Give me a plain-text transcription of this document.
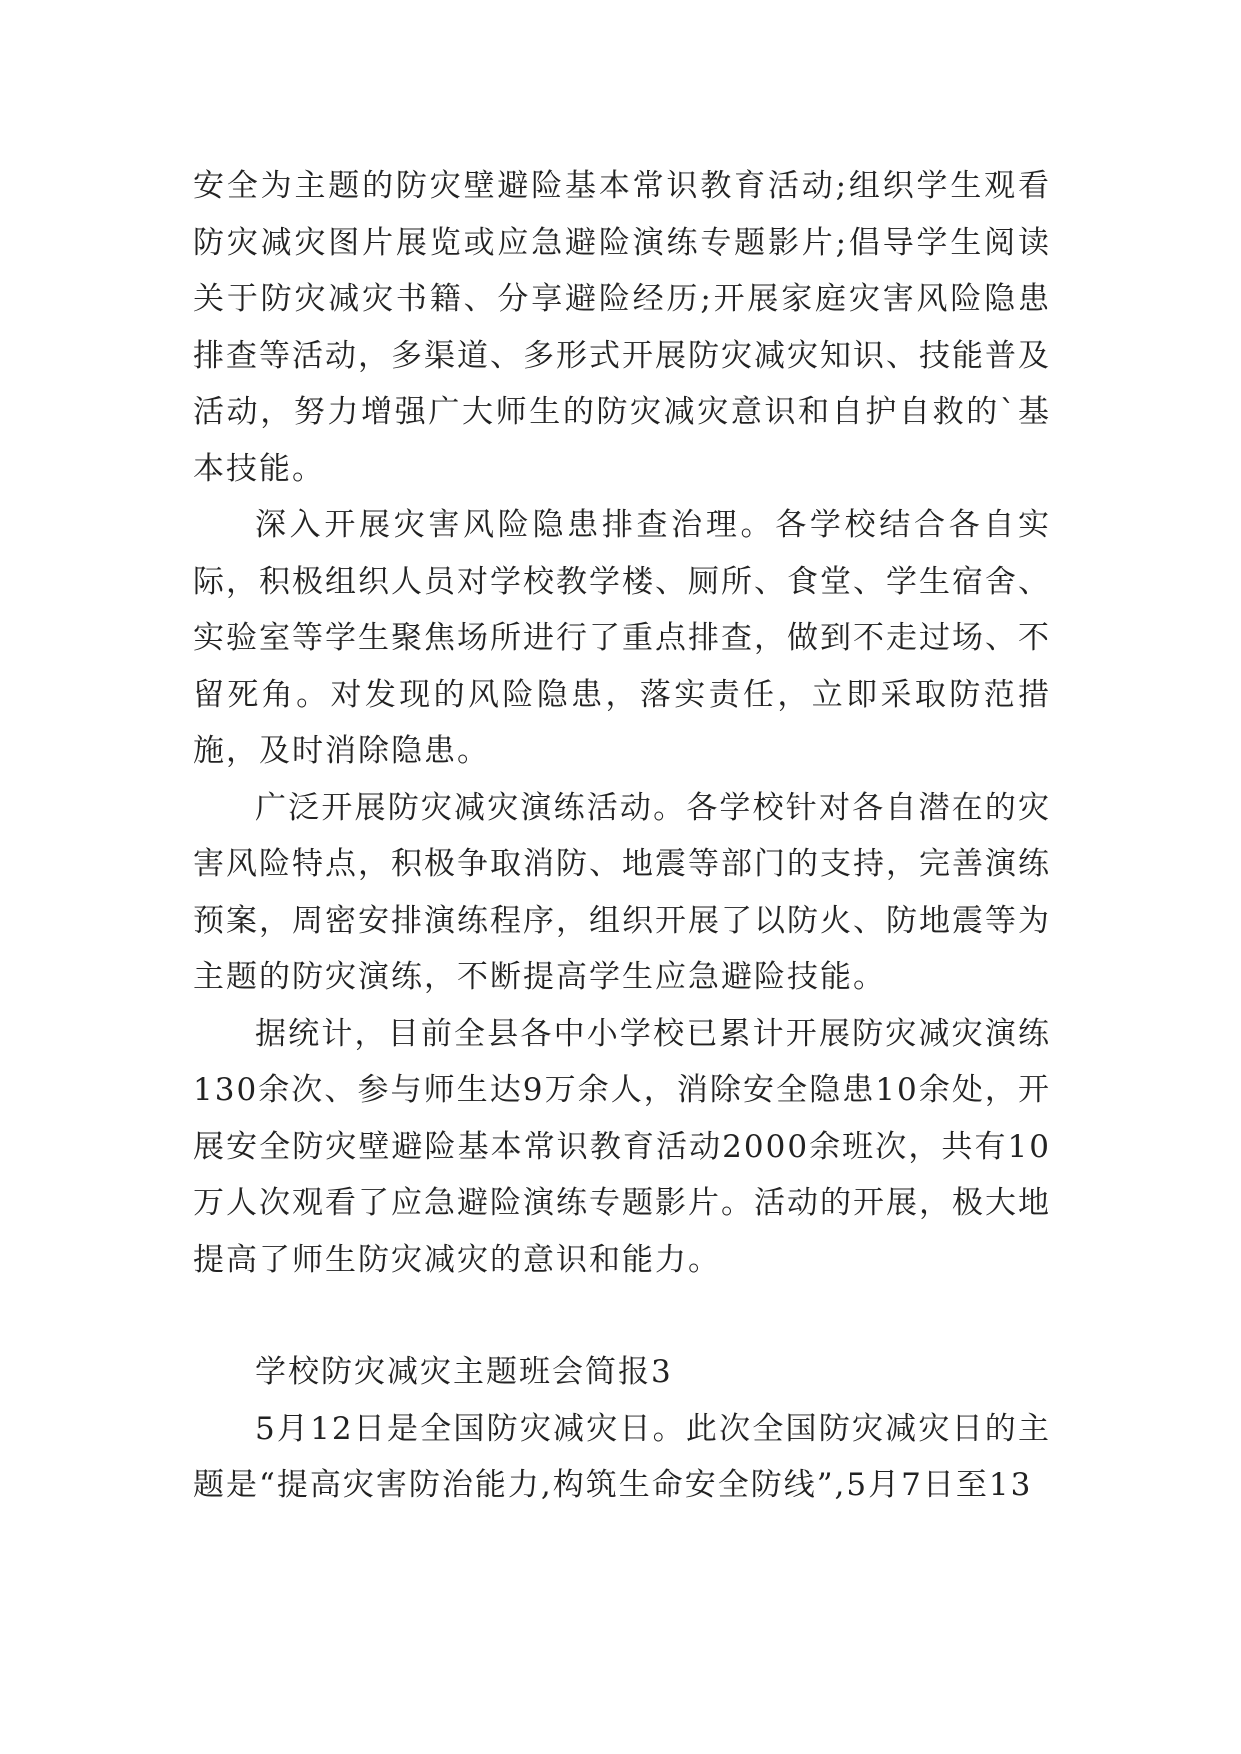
安全为主题的防灾壁避险基本常识教育活动;组织学生观看防灾减灾图片展览或应急避险演练专题影片;倡导学生阅读关于防灾减灾书籍、分享避险经历;开展家庭灾害风险隐患排查等活动，多渠道、多形式开展防灾减灾知识、技能普及活动，努力增强广大师生的防灾减灾意识和自护自救的`基本技能。

深入开展灾害风险隐患排查治理。各学校结合各自实际，积极组织人员对学校教学楼、厕所、食堂、学生宿舍、实验室等学生聚焦场所进行了重点排查，做到不走过场、不留死角。对发现的风险隐患，落实责任，立即采取防范措施，及时消除隐患。

广泛开展防灾减灾演练活动。各学校针对各自潜在的灾害风险特点，积极争取消防、地震等部门的支持，完善演练预案，周密安排演练程序，组织开展了以防火、防地震等为主题的防灾演练，不断提高学生应急避险技能。

据统计，目前全县各中小学校已累计开展防灾减灾演练130余次、参与师生达9万余人，消除安全隐患10余处，开展安全防灾壁避险基本常识教育活动2000余班次，共有10万人次观看了应急避险演练专题影片。活动的开展，极大地提高了师生防灾减灾的意识和能力。

学校防灾减灾主题班会简报3

5月12日是全国防灾减灾日。此次全国防灾减灾日的主题是“提高灾害防治能力,构筑生命安全防线”,5月7日至13
